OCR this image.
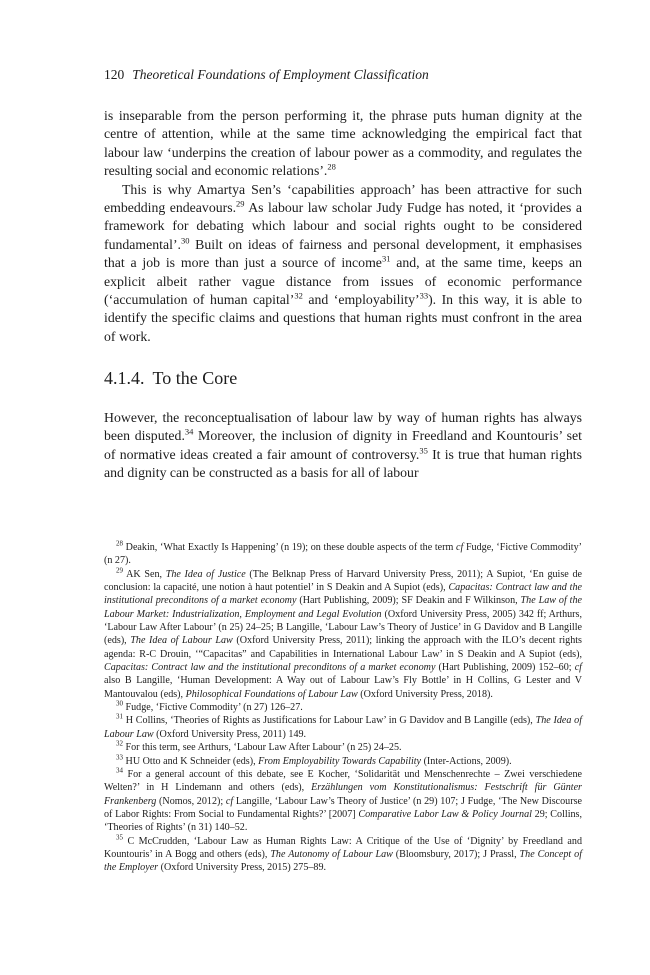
120 Theoretical Foundations of Employment Classification

is inseparable from the person performing it, the phrase puts human dignity at the centre of attention, while at the same time acknowledging the empirical fact that labour law ‘underpins the creation of labour power as a commodity, and regulates the resulting social and economic relations’.$^{28}$

This is why Amartya Sen’s ‘capabilities approach’ has been attractive for such embedding endeavours.$^{29}$ As labour law scholar Judy Fudge has noted, it ‘provides a framework for debating which labour and social rights ought to be considered fundamental’.$^{30}$ Built on ideas of fairness and personal development, it emphasises that a job is more than just a source of income$^{31}$ and, at the same time, keeps an explicit albeit rather vague distance from issues of economic performance (‘accumulation of human capital’$^{32}$ and ‘employability’$^{33}$). In this way, it is able to identify the specific claims and questions that human rights must confront in the area of work.

4.1.4. To the Core

However, the reconceptualisation of labour law by way of human rights has always been disputed.$^{34}$ Moreover, the inclusion of dignity in Freedland and Kountouris’ set of normative ideas created a fair amount of controversy.$^{35}$ It is true that human rights and dignity can be constructed as a basis for all of labour

$^{28}$ Deakin, ‘What Exactly Is Happening’ (n 19); on these double aspects of the term cf Fudge, ‘Fictive Commodity’ (n 27).

$^{29}$ AK Sen, The Idea of Justice (The Belknap Press of Harvard University Press, 2011); A Supiot, ‘En guise de conclusion: la capacité, une notion à haut potentiel’ in S Deakin and A Supiot (eds), Capacitas: Contract law and the institutional preconditons of a market economy (Hart Publishing, 2009); SF Deakin and F Wilkinson, The Law of the Labour Market: Industrialization, Employment and Legal Evolution (Oxford University Press, 2005) 342 ff; Arthurs, ‘Labour Law After Labour’ (n 25) 24–25; B Langille, ‘Labour Law’s Theory of Justice’ in G Davidov and B Langille (eds), The Idea of Labour Law (Oxford University Press, 2011); linking the approach with the ILO’s decent rights agenda: R-C Drouin, ‘“Capacitas” and Capabilities in International Labour Law’ in S Deakin and A Supiot (eds), Capacitas: Contract law and the institutional preconditons of a market economy (Hart Publishing, 2009) 152–60; cf also B Langille, ‘Human Development: A Way out of Labour Law’s Fly Bottle’ in H Collins, G Lester and V Mantouvalou (eds), Philosophical Foundations of Labour Law (Oxford University Press, 2018).

$^{30}$ Fudge, ‘Fictive Commodity’ (n 27) 126–27.

$^{31}$ H Collins, ‘Theories of Rights as Justifications for Labour Law’ in G Davidov and B Langille (eds), The Idea of Labour Law (Oxford University Press, 2011) 149.

$^{32}$ For this term, see Arthurs, ‘Labour Law After Labour’ (n 25) 24–25.

$^{33}$ HU Otto and K Schneider (eds), From Employability Towards Capability (Inter-Actions, 2009).

$^{34}$ For a general account of this debate, see E Kocher, ‘Solidarität und Menschenrechte – Zwei verschiedene Welten?’ in H Lindemann and others (eds), Erzählungen vom Konstitutionalismus: Festschrift für Günter Frankenberg (Nomos, 2012); cf Langille, ‘Labour Law’s Theory of Justice’ (n 29) 107; J Fudge, ‘The New Discourse of Labor Rights: From Social to Fundamental Rights?’ [2007] Comparative Labor Law & Policy Journal 29; Collins, ‘Theories of Rights’ (n 31) 140–52.

$^{35}$ C McCrudden, ‘Labour Law as Human Rights Law: A Critique of the Use of ‘Dignity’ by Freedland and Kountouris’ in A Bogg and others (eds), The Autonomy of Labour Law (Bloomsbury, 2017); J Prassl, The Concept of the Employer (Oxford University Press, 2015) 275–89.
